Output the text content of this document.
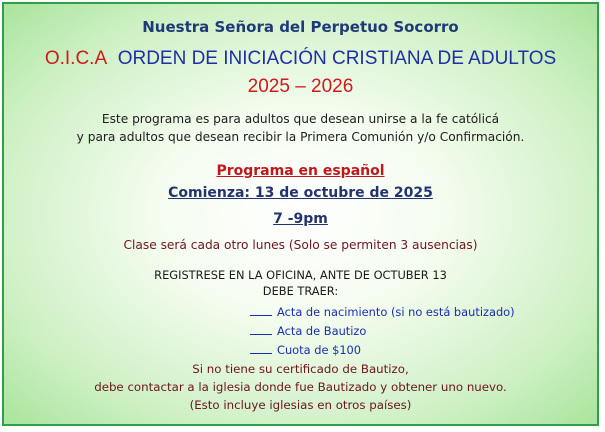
Nuestra Señora del Perpetuo Socorro
O.I.C.A ORDEN DE INICIACIÓN CRISTIANA DE ADULTOS
2025 – 2026
Este programa es para adultos que desean unirse a la fe católicá
y para adultos que desean recibir la Primera Comunión y/o Confirmación.
Programa en español
Comienza: 13 de octubre de 2025
7 -9pm
Clase será cada otro lunes (Solo se permiten 3 ausencias)
REGISTRESE EN LA OFICINA, ANTE DE OCTUBER 13
DEBE TRAER:
Acta de nacimiento (si no está bautizado)
Acta de Bautizo
Cuota de $100
Si no tiene su certificado de Bautizo,
debe contactar a la iglesia donde fue Bautizado y obtener uno nuevo.
(Esto incluye iglesias en otros países)
